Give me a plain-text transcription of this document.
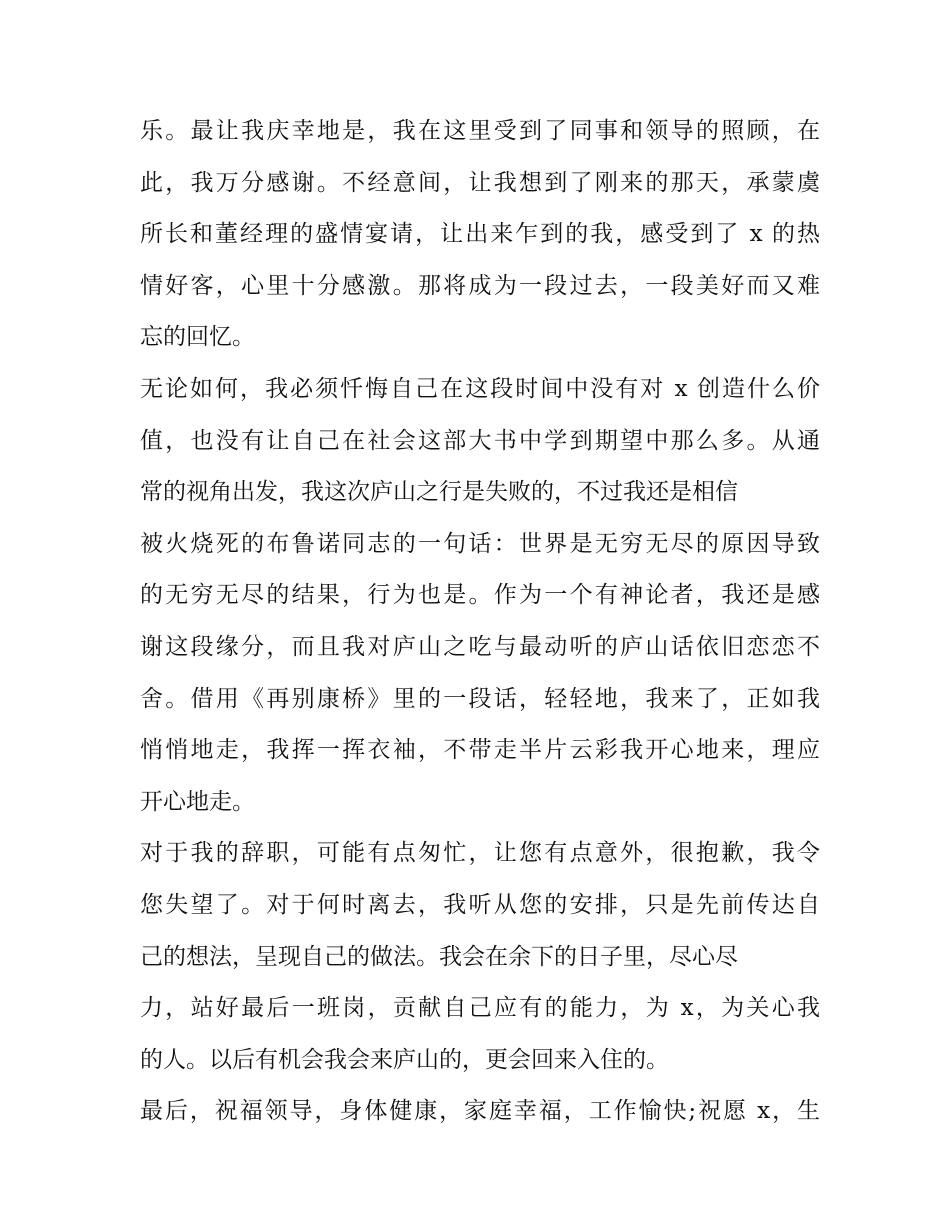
乐。最让我庆幸地是，我在这里受到了同事和领导的照顾，在
此，我万分感谢。不经意间，让我想到了刚来的那天，承蒙虞
所长和董经理的盛情宴请，让出来乍到的我，感受到了 x 的热
情好客，心里十分感激。那将成为一段过去，一段美好而又难
忘的回忆。
无论如何，我必须忏悔自己在这段时间中没有对 x 创造什么价
值，也没有让自己在社会这部大书中学到期望中那么多。从通
常的视角出发，我这次庐山之行是失败的，不过我还是相信
被火烧死的布鲁诺同志的一句话：世界是无穷无尽的原因导致
的无穷无尽的结果，行为也是。作为一个有神论者，我还是感
谢这段缘分，而且我对庐山之吃与最动听的庐山话依旧恋恋不
舍。借用《再别康桥》里的一段话，轻轻地，我来了，正如我
悄悄地走，我挥一挥衣袖，不带走半片云彩我开心地来，理应
开心地走。
对于我的辞职，可能有点匆忙，让您有点意外，很抱歉，我令
您失望了。对于何时离去，我听从您的安排，只是先前传达自
己的想法，呈现自己的做法。我会在余下的日子里，尽心尽
力，站好最后一班岗，贡献自己应有的能力，为 x，为关心我
的人。以后有机会我会来庐山的，更会回来入住的。
最后，祝福领导，身体健康，家庭幸福，工作愉快;祝愿 x，生
